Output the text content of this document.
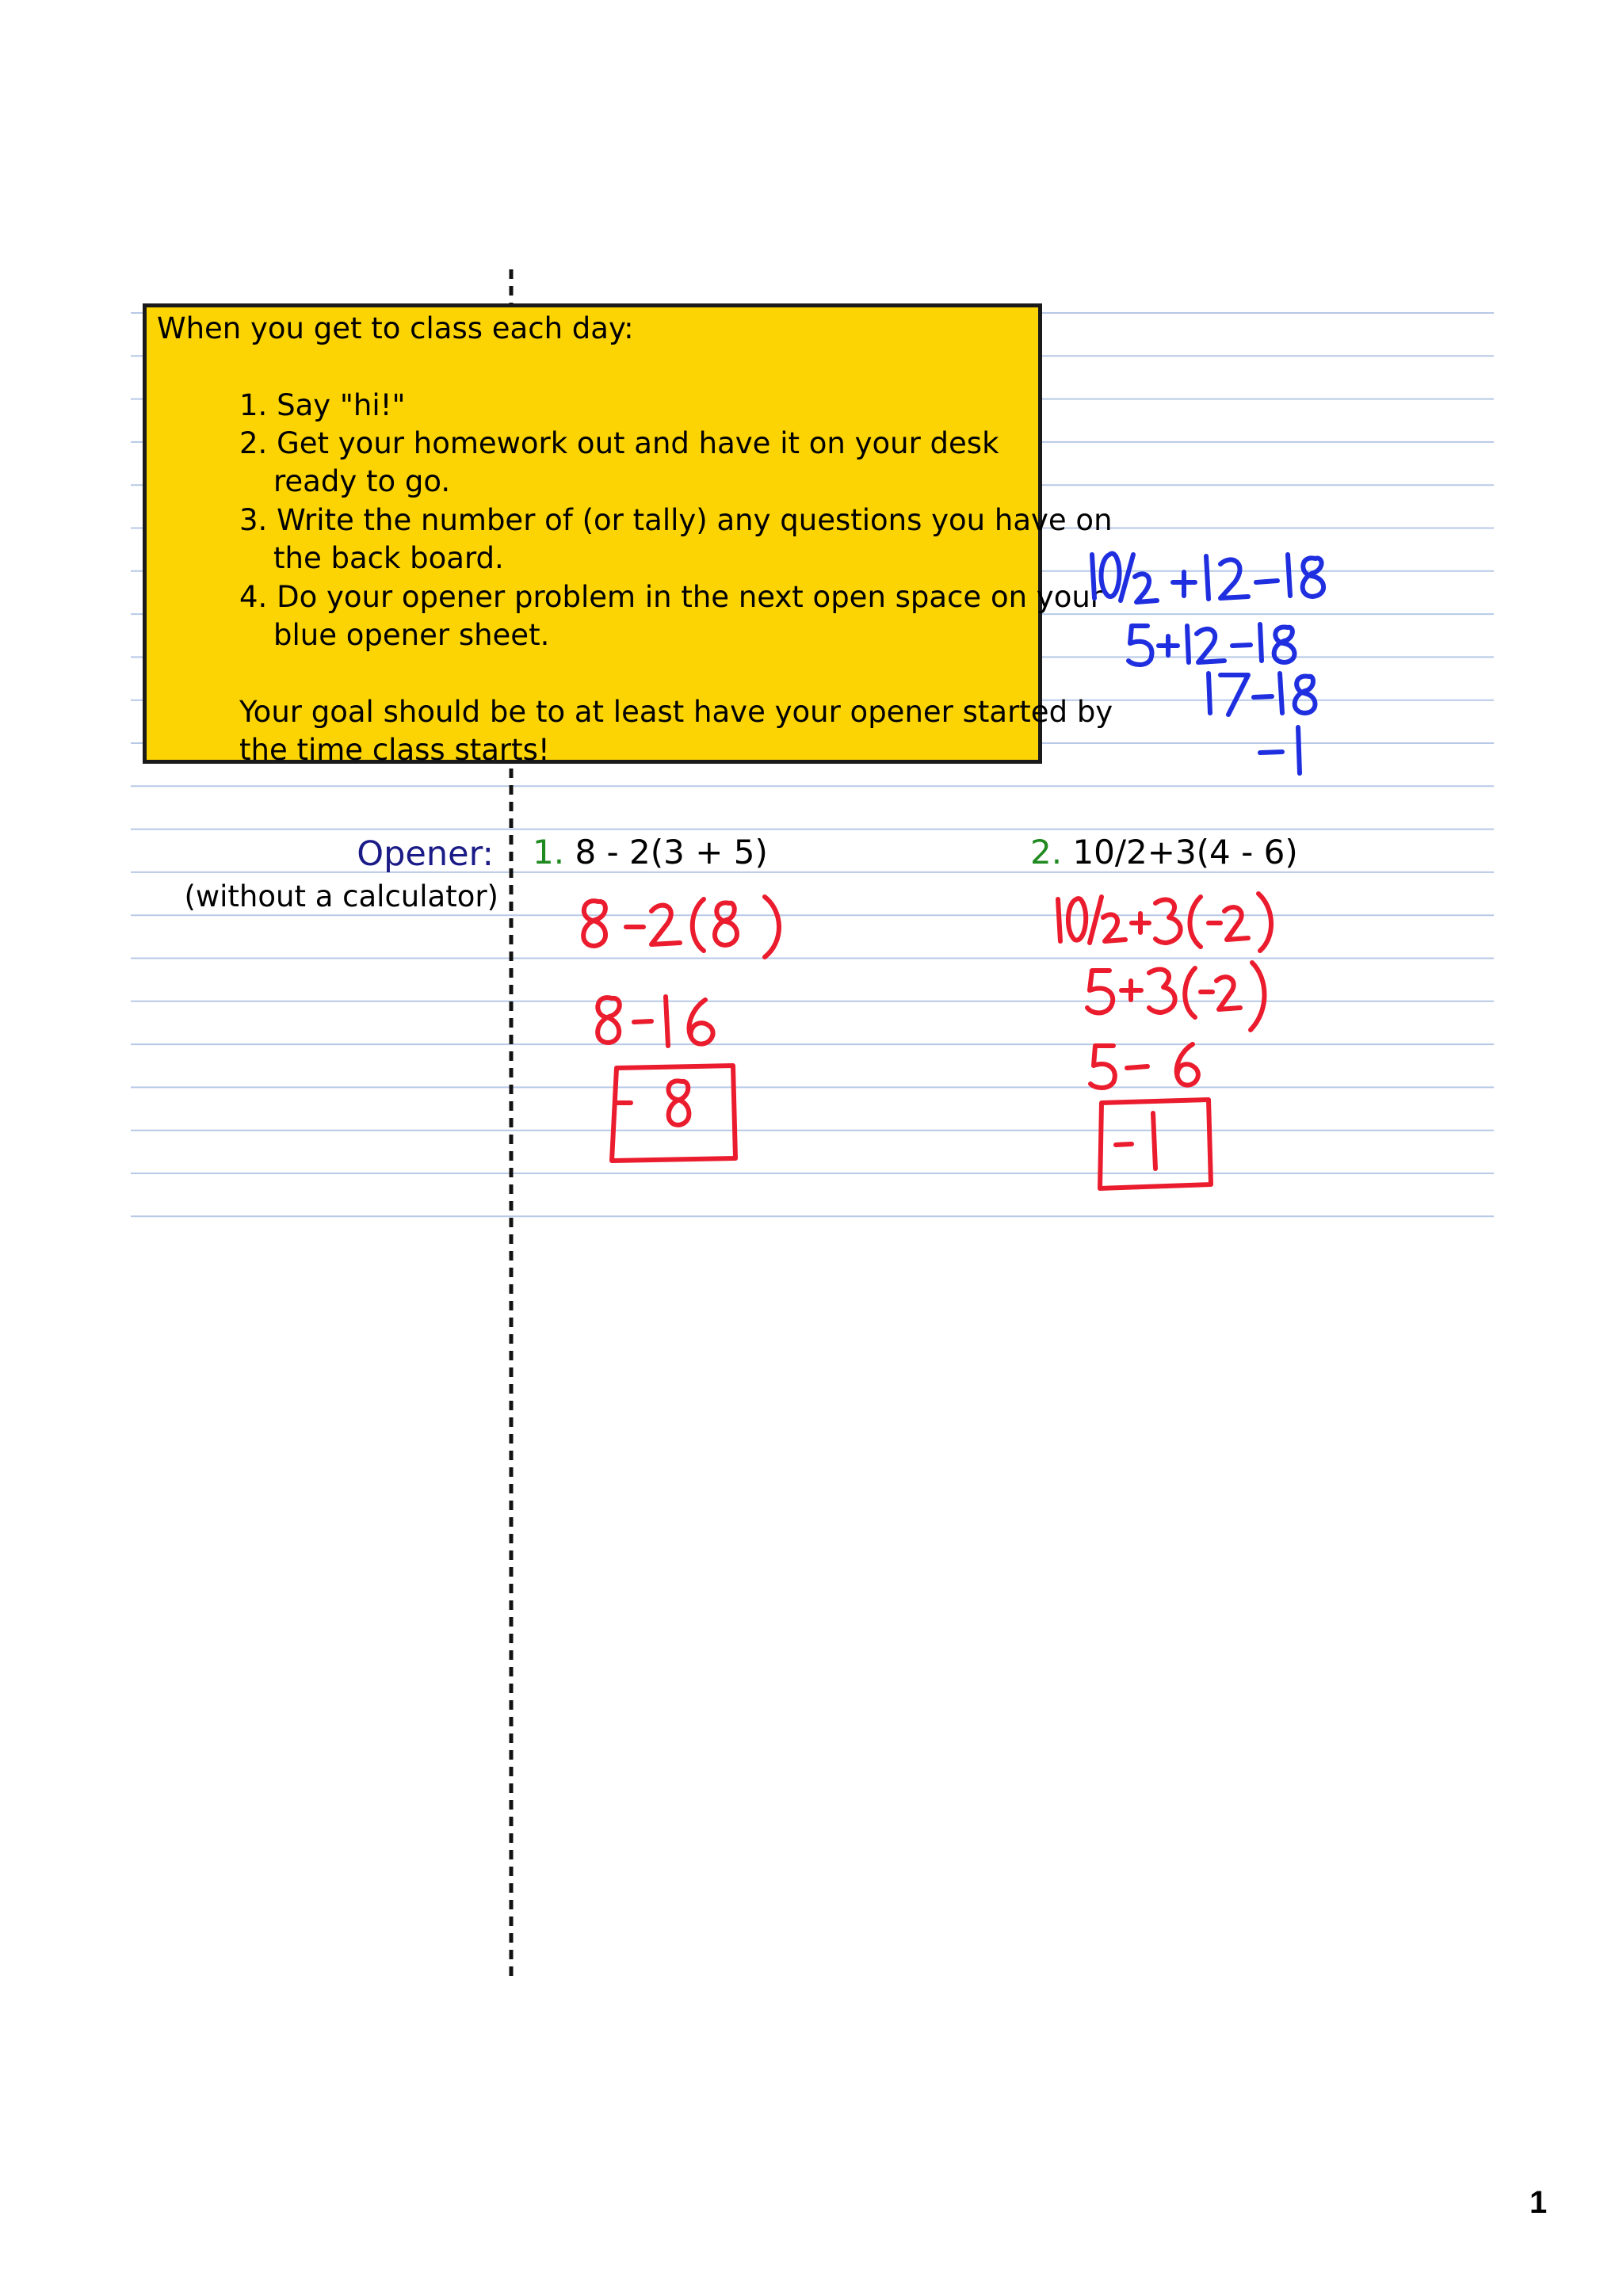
When you get to class each day:
1. Say "hi!"
2. Get your homework out and have it on your desk
ready to go.
3. Write the number of (or tally) any questions you have on
the back board.
4. Do your opener problem in the next open space on your
blue opener sheet.
Your goal should be to at least have your opener started by
the time class starts!
Opener:
(without a calculator)
1. 8 - 2(3 + 5)	2. 10/2+3(4 - 6)
1
